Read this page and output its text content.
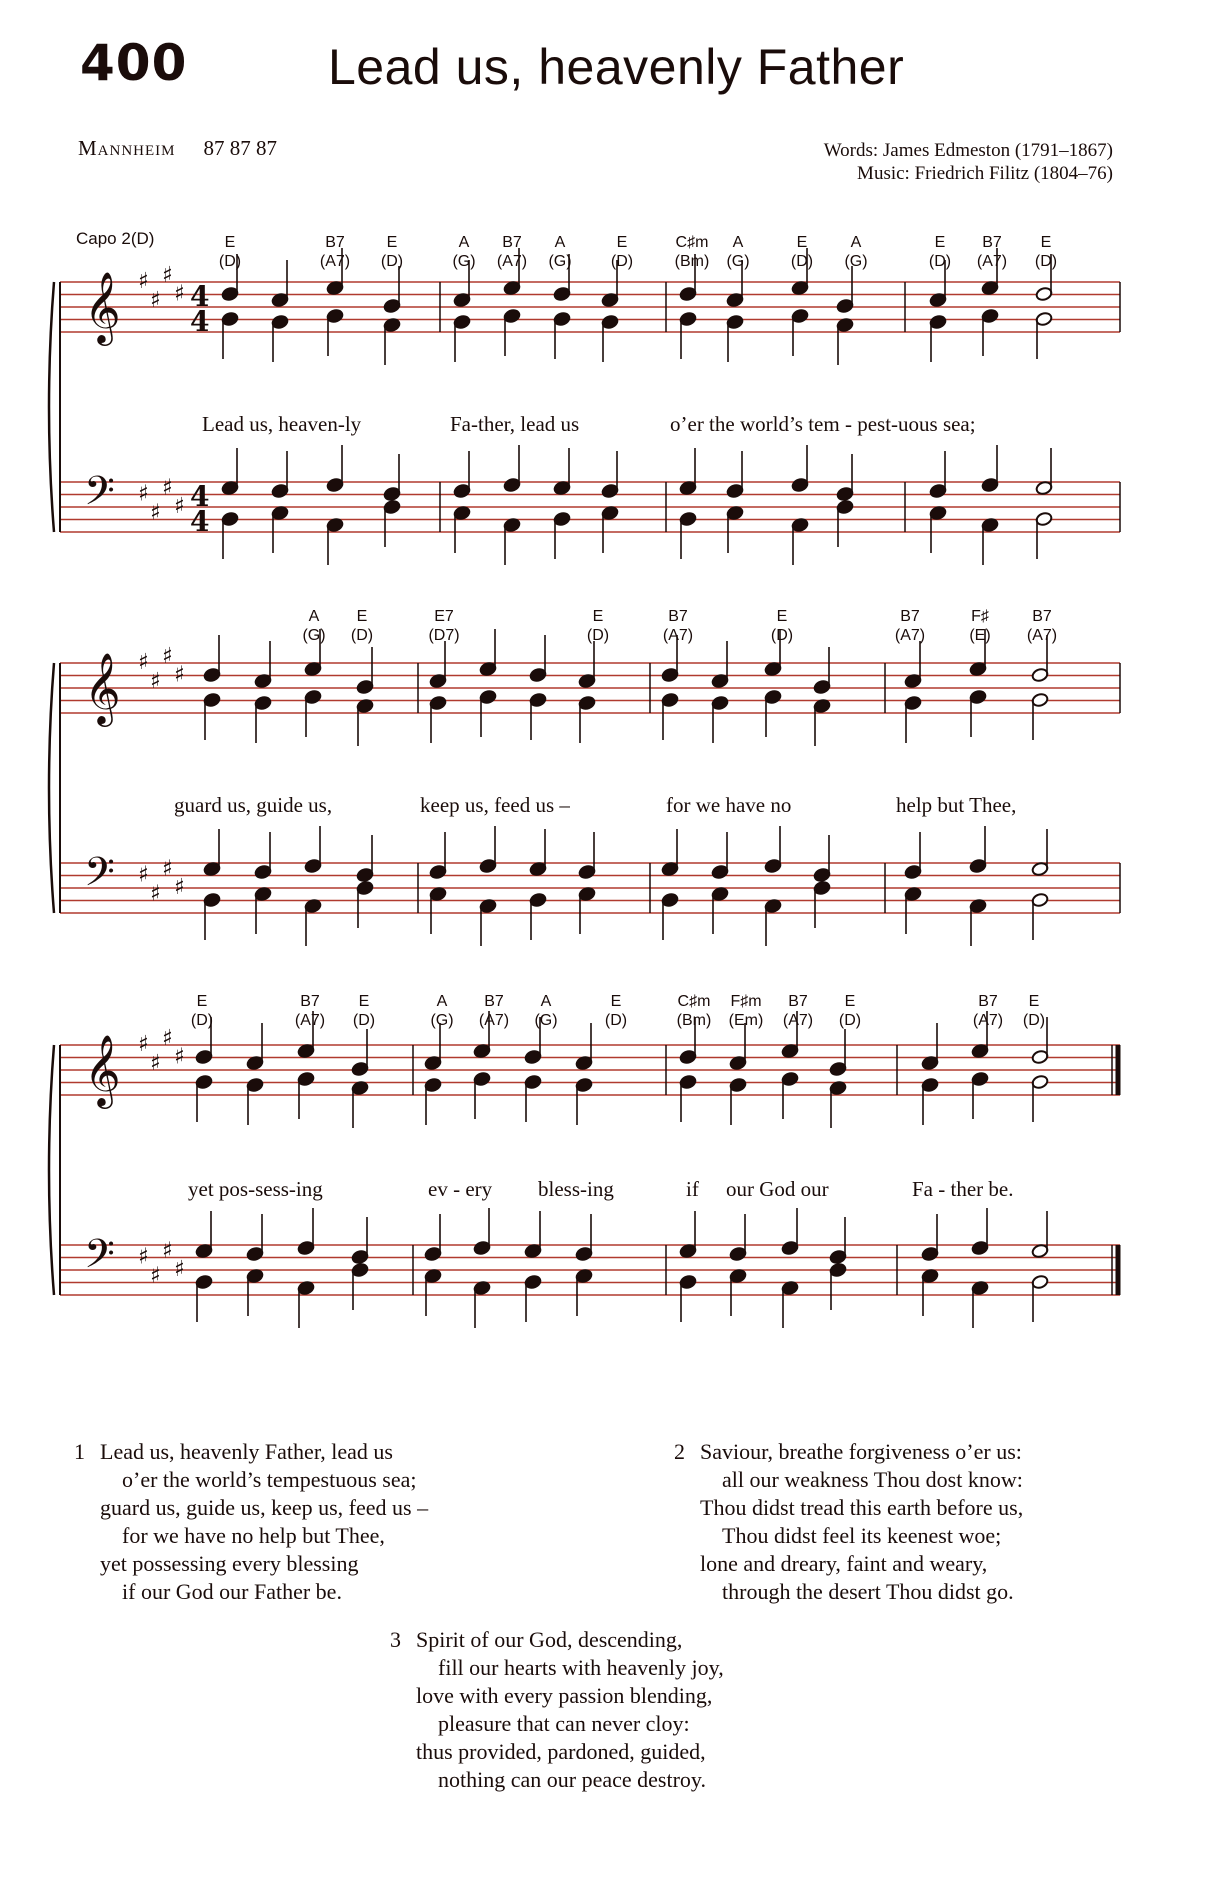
400	Lead us, heavenly Father
Mannheim 87 87 87	Words: James Edmeston (1791–1867)
Music: Friedrich Filitz (1804–76)
Capo 2(D)
𝄞 ♯
♯
♯
♯ 4
4
𝄢 ♯
♯
♯
♯ 4
4
𝄞 ♯
♯
♯
♯
𝄢 ♯
♯
♯
♯
𝄞 ♯
♯
♯
♯
𝄢 ♯
♯
♯
♯
E
(D)
B7
(A7)
E
(D)
A
(G)
B7
(A7)
A
(G)
E
(D)
C♯m
(Bm)
A
(G)
E
(D)
A
(G)
E
(D)
B7
(A7)
E
(D)
A
(G)
E
(D)
E7
(D7)
E
(D)
B7
(A7)
E
(D)
B7
(A7)
F♯
(E)
B7
(A7)
E
(D)
B7
(A7)
E
(D)
A
(G)
B7
(A7)
A
(G)
E
(D)
C♯m
(Bm)
F♯m
(Em)
B7
(A7)
E
(D)
B7
(A7)
E
(D)
Lead us, heaven-ly	Fa-ther, lead us	o’er the world’s tem - pest-uous sea;
guard us, guide us,	keep us, feed us –	for we have no	help but Thee,
yet pos-sess-ing	ev - ery bless-ing	if our God our	Fa - ther be.
1 Lead us, heavenly Father, lead us
o’er the world’s tempestuous sea;
guard us, guide us, keep us, feed us –
for we have no help but Thee,
yet possessing every blessing
if our God our Father be.
2 Saviour, breathe forgiveness o’er us:
all our weakness Thou dost know:
Thou didst tread this earth before us,
Thou didst feel its keenest woe;
lone and dreary, faint and weary,
through the desert Thou didst go.
3 Spirit of our God, descending,
fill our hearts with heavenly joy,
love with every passion blending,
pleasure that can never cloy:
thus provided, pardoned, guided,
nothing can our peace destroy.
